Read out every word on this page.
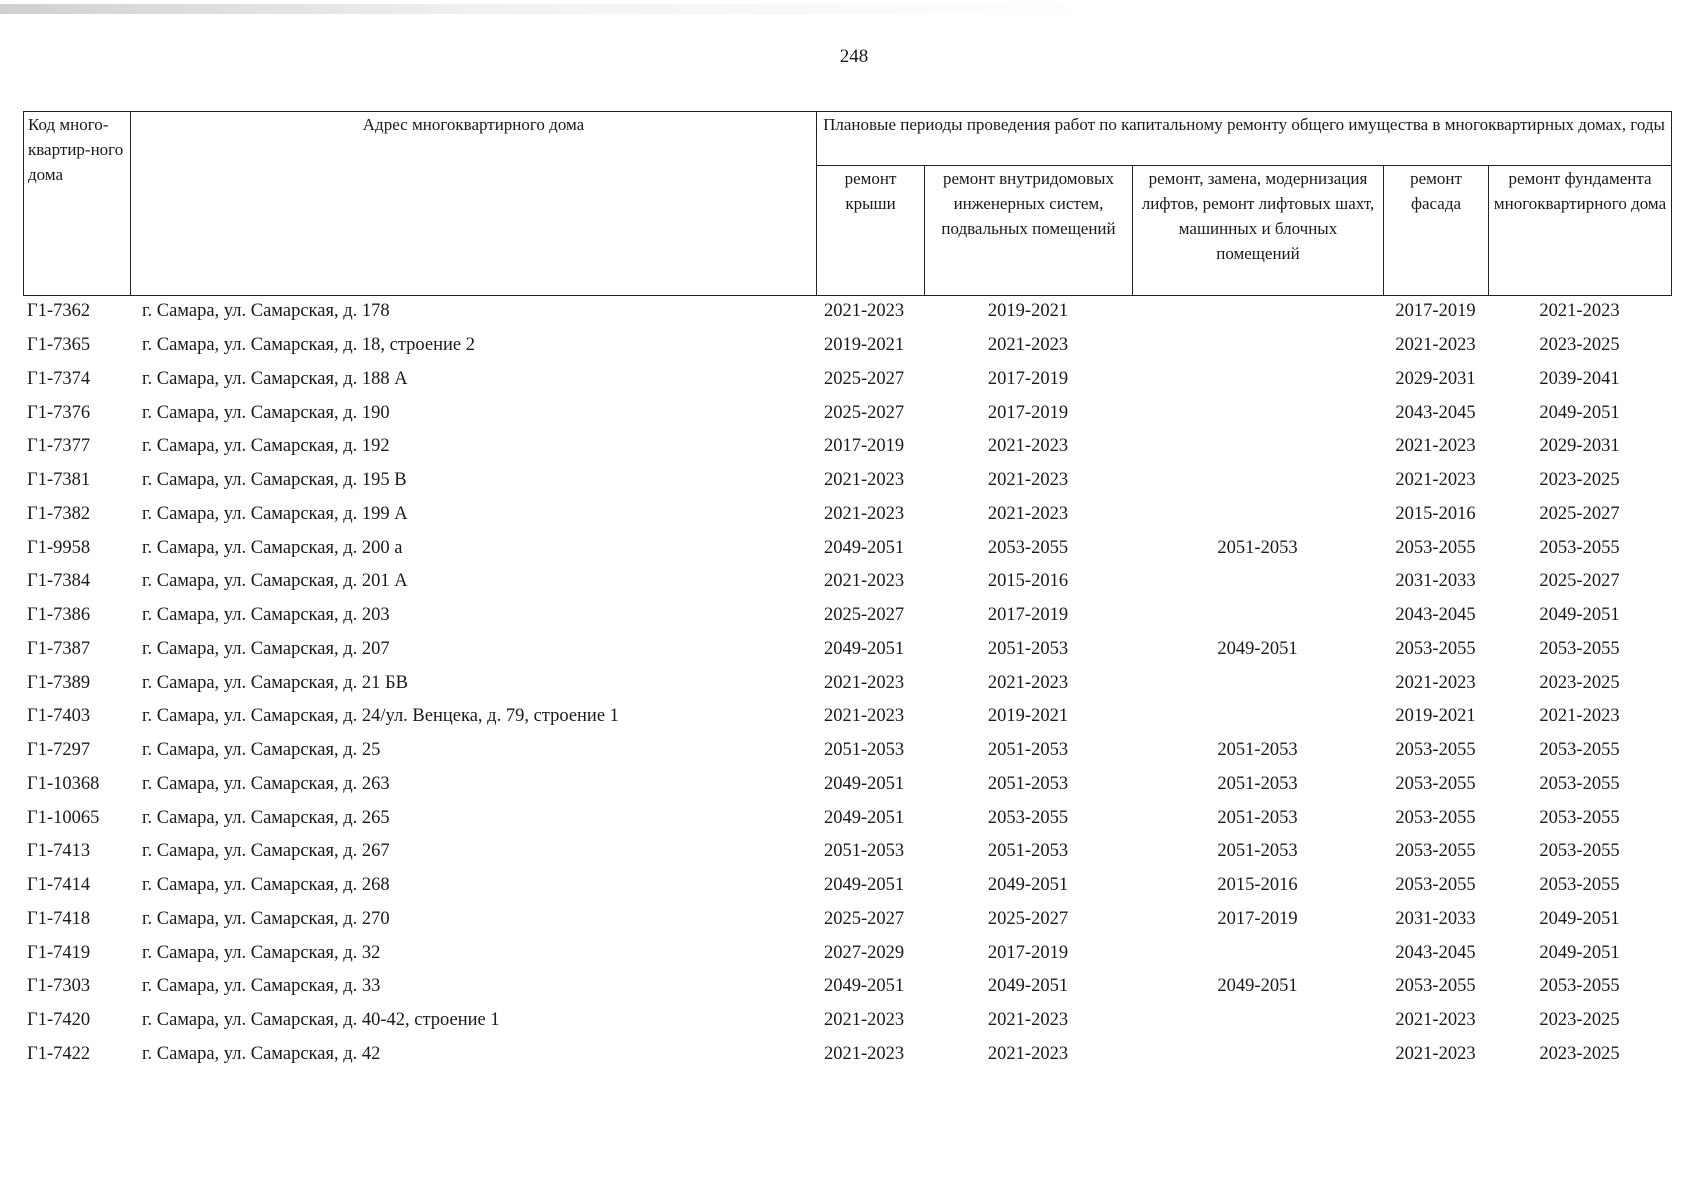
248
Код много-квартир-ного дома	Адрес многоквартирного дома	Плановые периоды проведения работ по капитальному ремонту общего имущества в многоквартирных домах, годы				
		ремонт крыши	ремонт внутридомовых инженерных систем, подвальных помещений	ремонт, замена, модернизация лифтов, ремонт лифтовых шахт, машинных и блочных помещений	ремонт фасада	ремонт фундамента многоквартирного дома
Г1-7362	г. Самара, ул. Самарская, д. 178	2021-2023	2019-2021		2017-2019	2021-2023
Г1-7365	г. Самара, ул. Самарская, д. 18, строение 2	2019-2021	2021-2023		2021-2023	2023-2025
Г1-7374	г. Самара, ул. Самарская, д. 188 А	2025-2027	2017-2019		2029-2031	2039-2041
Г1-7376	г. Самара, ул. Самарская, д. 190	2025-2027	2017-2019		2043-2045	2049-2051
Г1-7377	г. Самара, ул. Самарская, д. 192	2017-2019	2021-2023		2021-2023	2029-2031
Г1-7381	г. Самара, ул. Самарская, д. 195 В	2021-2023	2021-2023		2021-2023	2023-2025
Г1-7382	г. Самара, ул. Самарская, д. 199 А	2021-2023	2021-2023		2015-2016	2025-2027
Г1-9958	г. Самара, ул. Самарская, д. 200 а	2049-2051	2053-2055	2051-2053	2053-2055	2053-2055
Г1-7384	г. Самара, ул. Самарская, д. 201 А	2021-2023	2015-2016		2031-2033	2025-2027
Г1-7386	г. Самара, ул. Самарская, д. 203	2025-2027	2017-2019		2043-2045	2049-2051
Г1-7387	г. Самара, ул. Самарская, д. 207	2049-2051	2051-2053	2049-2051	2053-2055	2053-2055
Г1-7389	г. Самара, ул. Самарская, д. 21 БВ	2021-2023	2021-2023		2021-2023	2023-2025
Г1-7403	г. Самара, ул. Самарская, д. 24/ул. Венцека, д. 79, строение 1	2021-2023	2019-2021		2019-2021	2021-2023
Г1-7297	г. Самара, ул. Самарская, д. 25	2051-2053	2051-2053	2051-2053	2053-2055	2053-2055
Г1-10368	г. Самара, ул. Самарская, д. 263	2049-2051	2051-2053	2051-2053	2053-2055	2053-2055
Г1-10065	г. Самара, ул. Самарская, д. 265	2049-2051	2053-2055	2051-2053	2053-2055	2053-2055
Г1-7413	г. Самара, ул. Самарская, д. 267	2051-2053	2051-2053	2051-2053	2053-2055	2053-2055
Г1-7414	г. Самара, ул. Самарская, д. 268	2049-2051	2049-2051	2015-2016	2053-2055	2053-2055
Г1-7418	г. Самара, ул. Самарская, д. 270	2025-2027	2025-2027	2017-2019	2031-2033	2049-2051
Г1-7419	г. Самара, ул. Самарская, д. 32	2027-2029	2017-2019		2043-2045	2049-2051
Г1-7303	г. Самара, ул. Самарская, д. 33	2049-2051	2049-2051	2049-2051	2053-2055	2053-2055
Г1-7420	г. Самара, ул. Самарская, д. 40-42, строение 1	2021-2023	2021-2023		2021-2023	2023-2025
Г1-7422	г. Самара, ул. Самарская, д. 42	2021-2023	2021-2023		2021-2023	2023-2025
